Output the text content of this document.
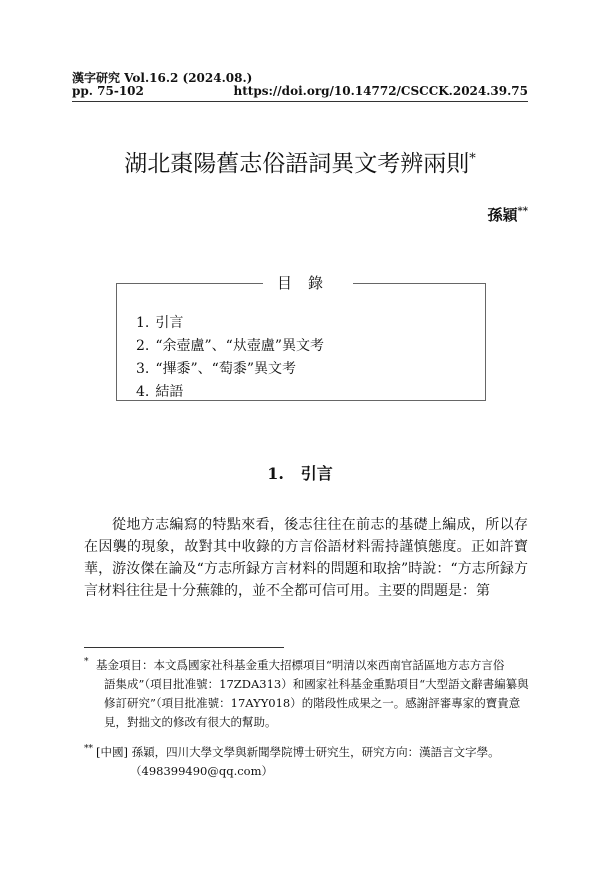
漢字研究 Vol.16.2 (2024.08.)
pp. 75-102	https://doi.org/10.14772/CSCCK.2024.39.75
湖北棗陽舊志俗語詞異文考辨兩則*
孫穎**
目錄
1. 引言
2. “余壺盧”、“夶壺盧”異文考
3. “𢳂黍”、“萄黍”異文考
4. 結語
1. 引言
從地方志編寫的特點來看，後志往往在前志的基礎上編成，所以存在因襲的現象，故對其中收錄的方言俗語材料需持謹慎態度。正如許寶華，游汝傑在論及“方志所録方言材料的問題和取捨”時說：“方志所録方言材料往往是十分蕪雜的，並不全都可信可用。主要的問題是：第
* 基金項目：本文爲國家社科基金重大招標項目“明清以來西南官話區地方志方言俗
語集成”（項目批准號：17ZDA313）和國家社科基金重點項目“大型語文辭書編纂與修訂研究”（項目批准號：17AYY018）的階段性成果之一。感謝評審專家的寶貴意見，對拙文的修改有很大的幫助。
** [中國] 孫穎，四川大學文學與新聞學院博士研究生，研究方向：漢語言文字學。
（498399490@qq.com）
